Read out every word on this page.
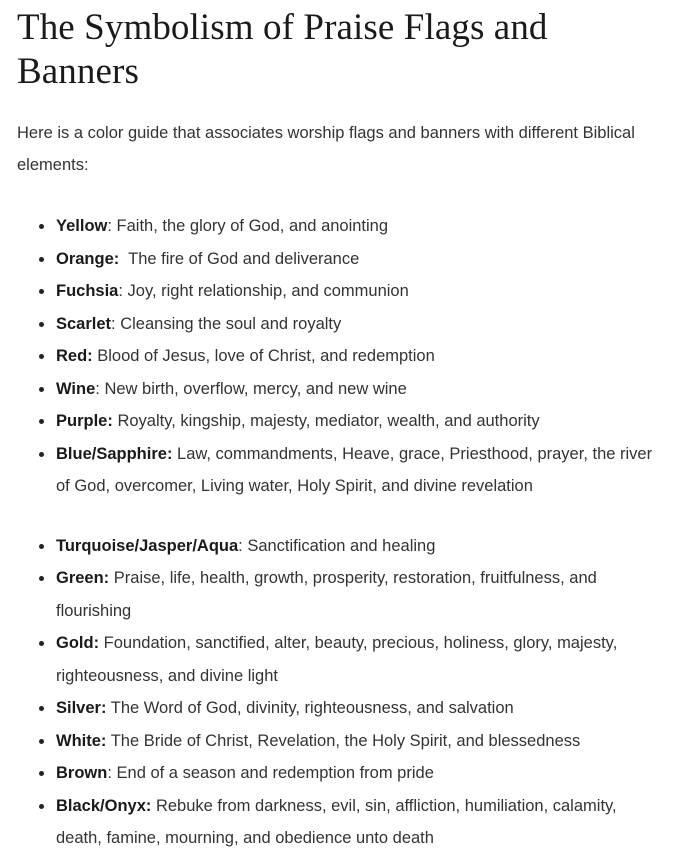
The Symbolism of Praise Flags and Banners

Here is a color guide that associates worship flags and banners with different Biblical elements:

Yellow: Faith, the glory of God, and anointing
Orange: The fire of God and deliverance
Fuchsia: Joy, right relationship, and communion
Scarlet: Cleansing the soul and royalty
Red: Blood of Jesus, love of Christ, and redemption
Wine: New birth, overflow, mercy, and new wine
Purple: Royalty, kingship, majesty, mediator, wealth, and authority
Blue/Sapphire: Law, commandments, Heave, grace, Priesthood, prayer, the river of God, overcomer, Living water, Holy Spirit, and divine revelation
Turquoise/Jasper/Aqua: Sanctification and healing
Green: Praise, life, health, growth, prosperity, restoration, fruitfulness, and flourishing
Gold: Foundation, sanctified, alter, beauty, precious, holiness, glory, majesty, righteousness, and divine light
Silver: The Word of God, divinity, righteousness, and salvation
White: The Bride of Christ, Revelation, the Holy Spirit, and blessedness
Brown: End of a season and redemption from pride
Black/Onyx: Rebuke from darkness, evil, sin, affliction, humiliation, calamity, death, famine, mourning, and obedience unto death
